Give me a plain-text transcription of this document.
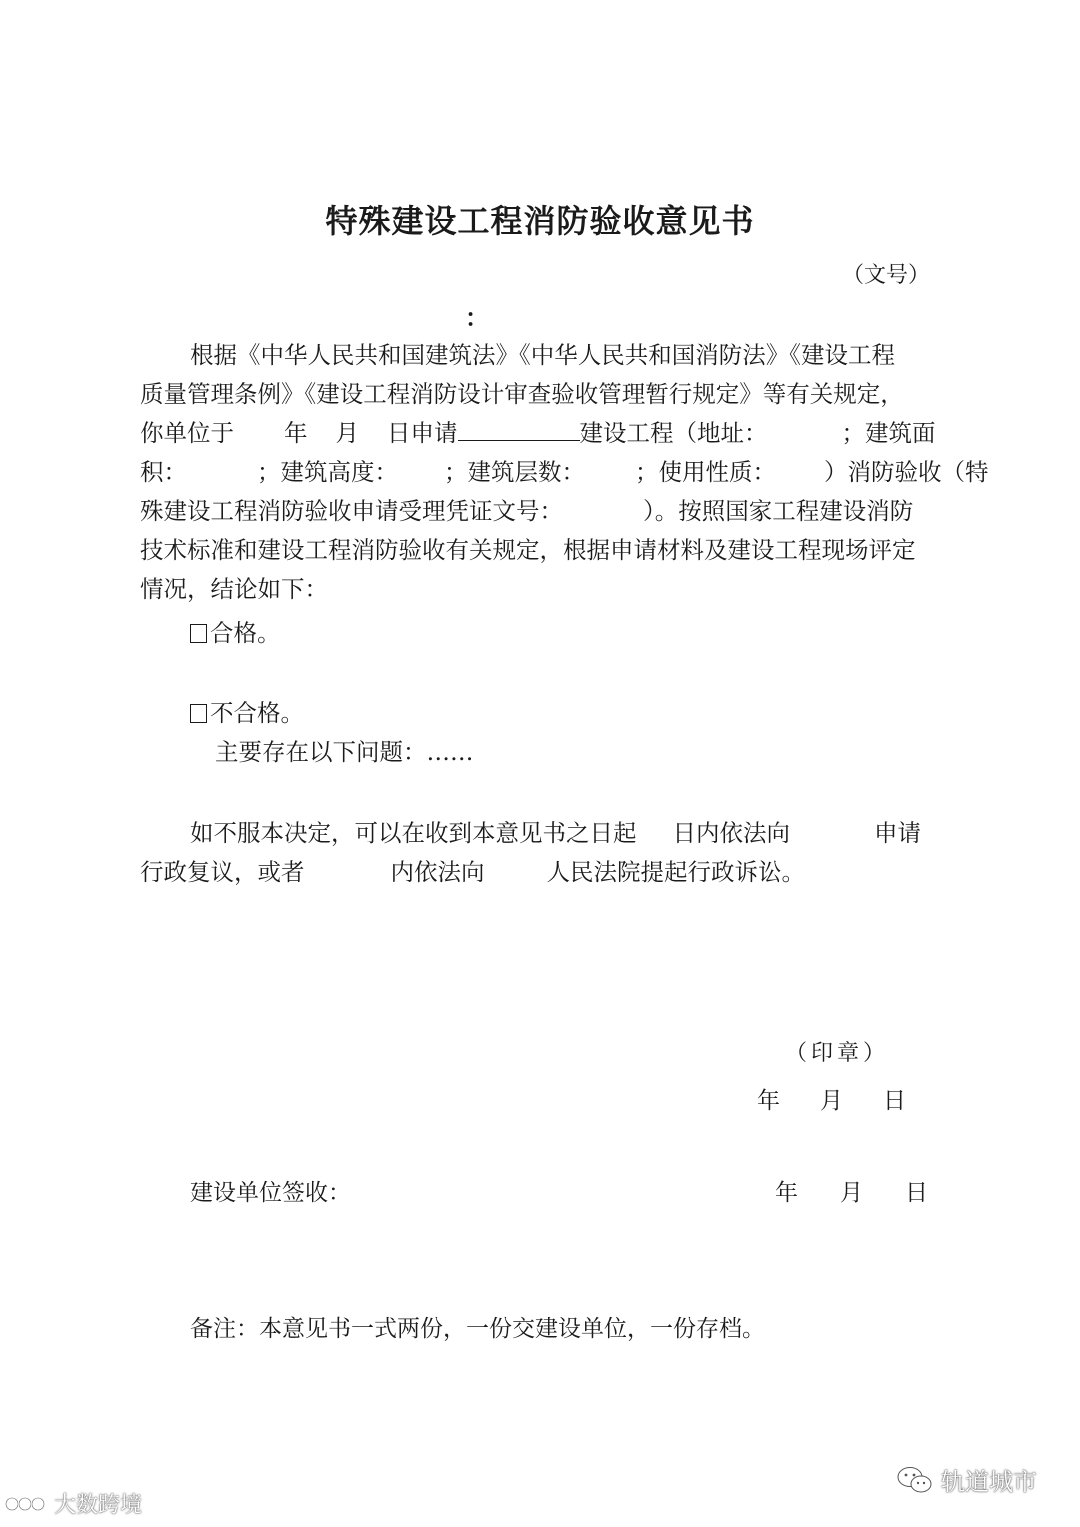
特殊建设工程消防验收意见书
（文号）
：
根据《中华人民共和国建筑法》《中华人民共和国消防法》《建设工程
质量管理条例》《建设工程消防设计审查验收管理暂行规定》等有关规定，
你单位于 年 月 日申请	建设工程（地址：	；建筑面
积：	；建筑高度： ；建筑层数： ；使用性质： ）消防验收（特
殊建设工程消防验收申请受理凭证文号：	）。按照国家工程建设消防
技术标准和建设工程消防验收有关规定，根据申请材料及建设工程现场评定
情况，结论如下：
合格。
不合格。
主要存在以下问题：……
如不服本决定，可以在收到本意见书之日起 日内依法向	申请
行政复议，或者	内依法向	人民法院提起行政诉讼。
（印章）
年 月 日
建设单位签收：	年 月 日
备注：本意见书一式两份，一份交建设单位，一份存档。
大数跨境
轨道城市
